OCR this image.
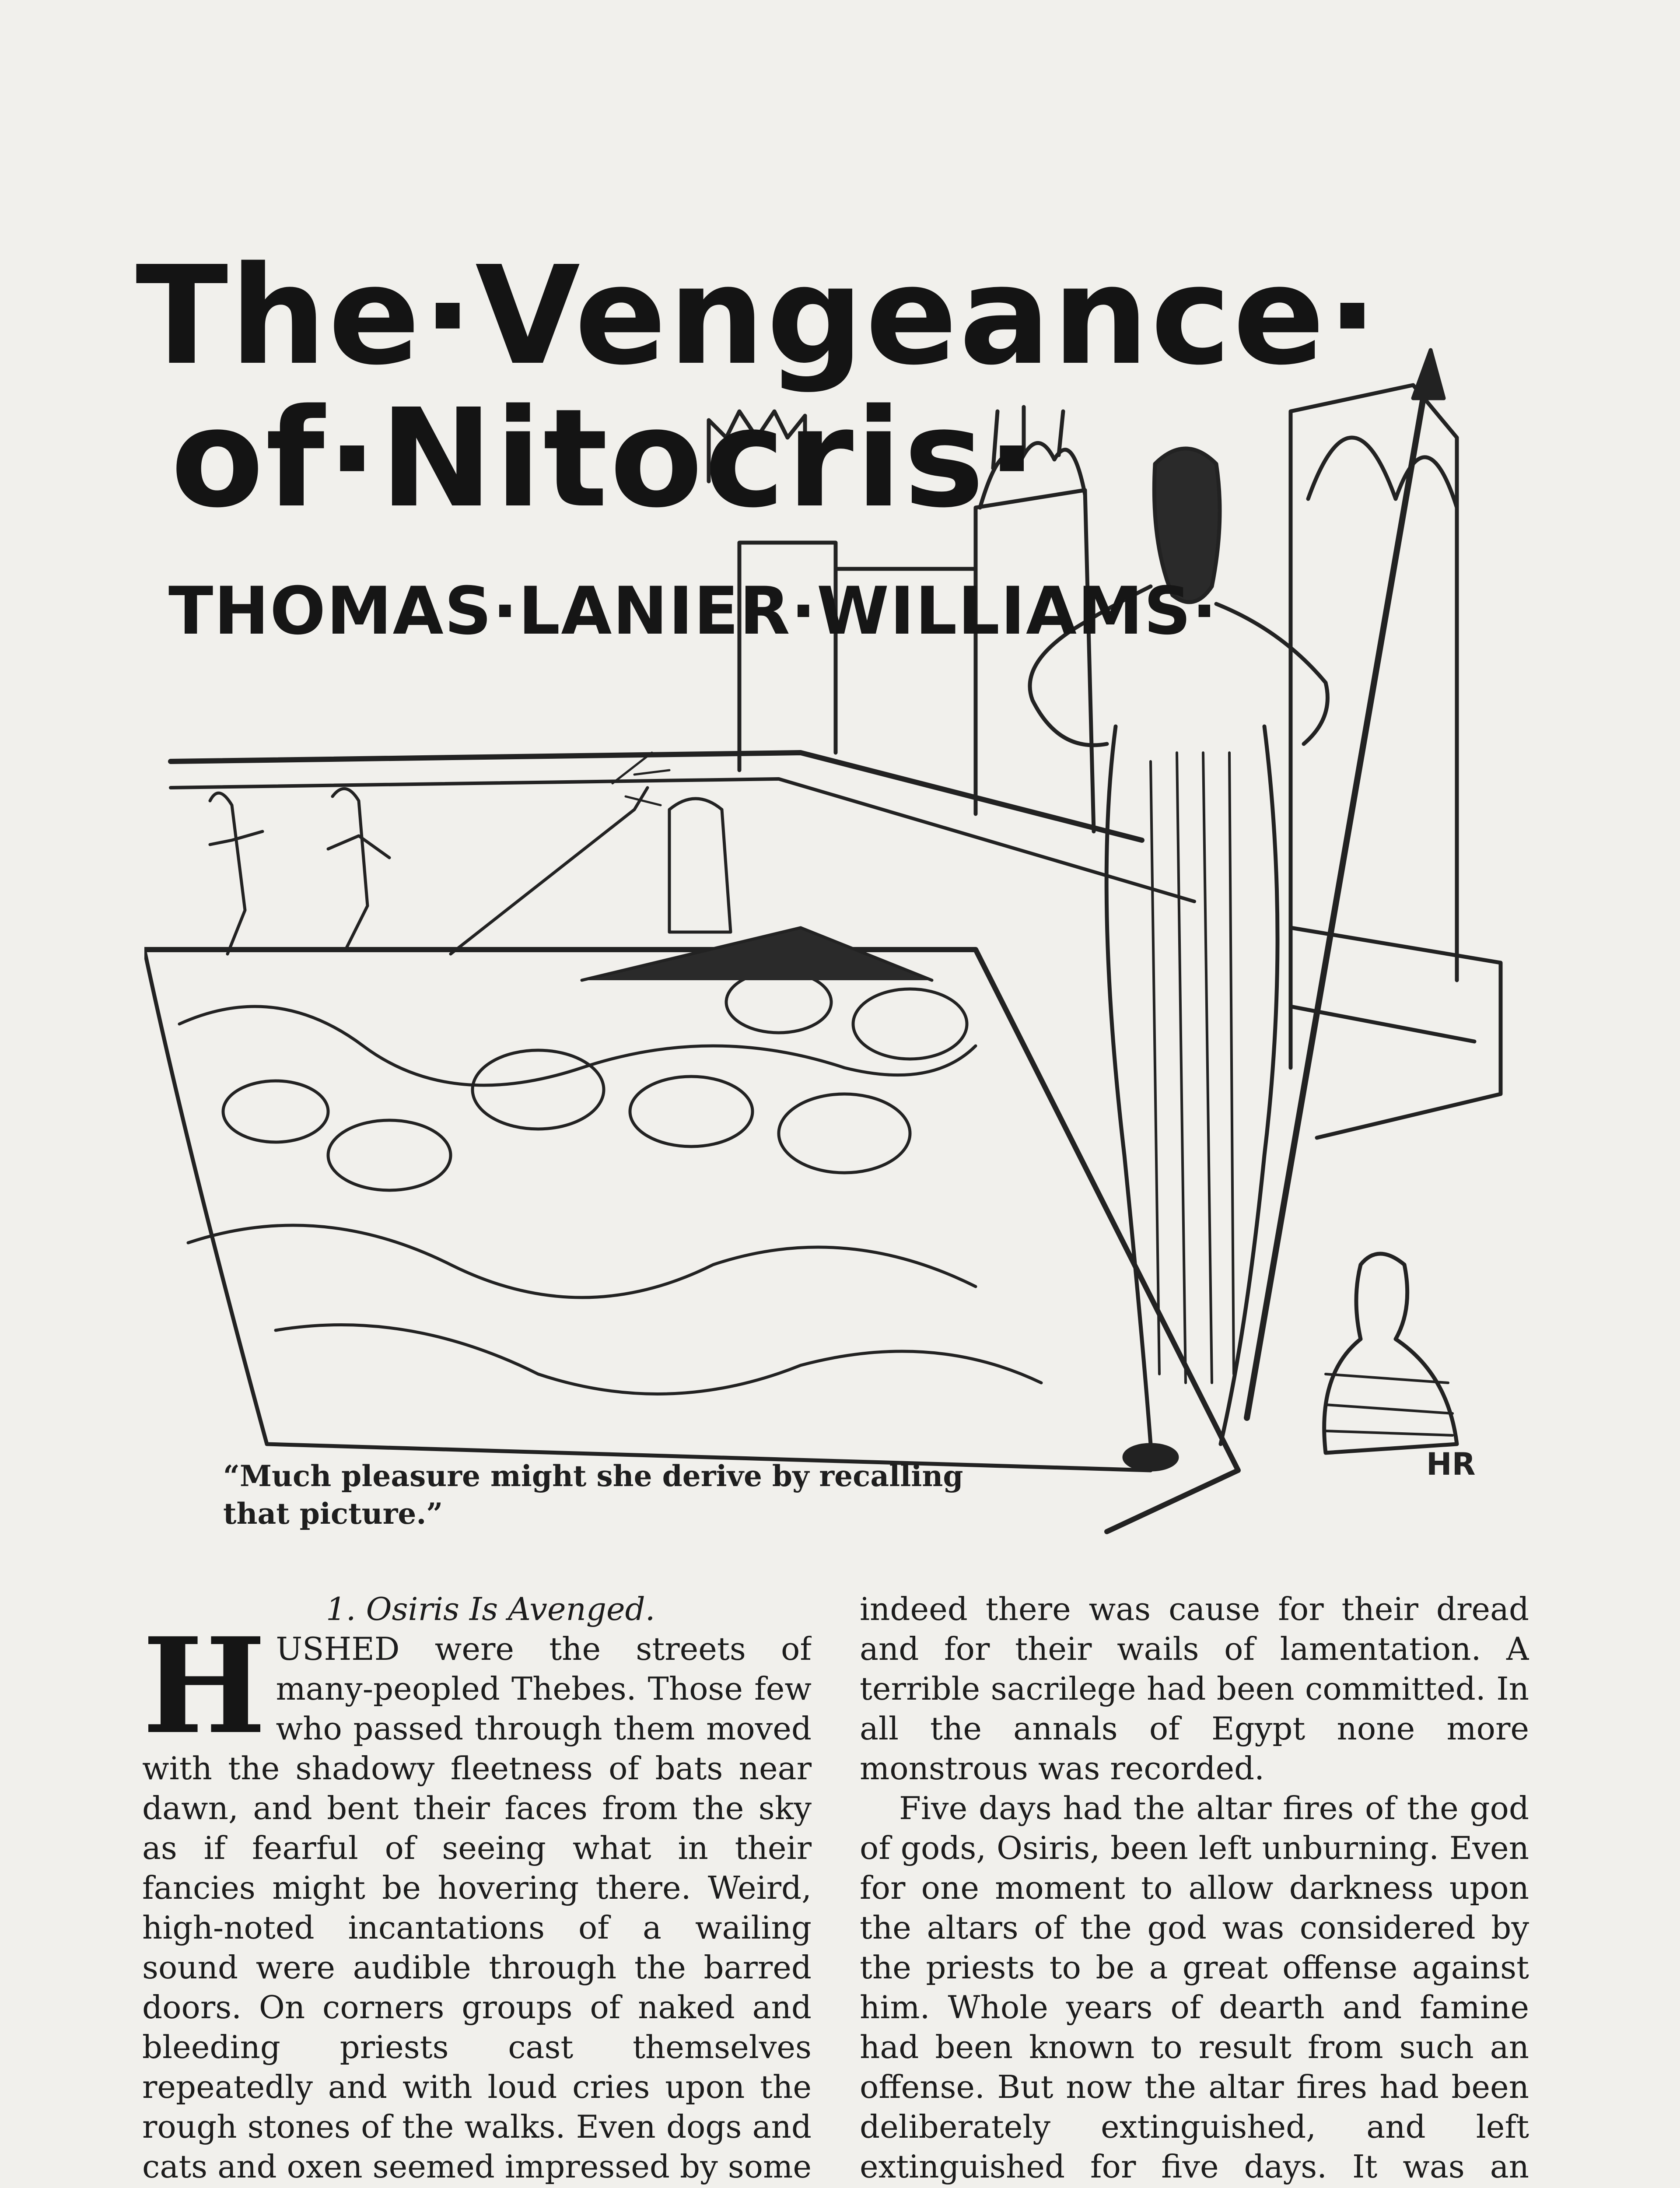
HR
The·Vengeance·
of·Nitocris·

THOMAS·LANIER·WILLIAMS·

“Much pleasure might she derive by recalling that picture.”

1. Osiris Is Avenged.

HUSHED were the streets of many-peopled Thebes. Those few who passed through them moved with the shadowy fleetness of bats near dawn, and bent their faces from the sky as if fearful of seeing what in their fancies might be hovering there. Weird, high-noted incantations of a wailing sound were audible through the barred doors. On corners groups of naked and bleeding priests cast themselves repeatedly and with loud cries upon the rough stones of the walks. Even dogs and cats and oxen seemed impressed by some

indeed there was cause for their dread and for their wails of lamentation. A terrible sacrilege had been committed. In all the annals of Egypt none more monstrous was recorded.

Five days had the altar fires of the god of gods, Osiris, been left unburning. Even for one moment to allow darkness upon the altars of the god was considered by the priests to be a great offense against him. Whole years of dearth and famine had been known to result from such an offense. But now the altar fires had been deliberately extinguished, and left extinguished for five days. It was an
